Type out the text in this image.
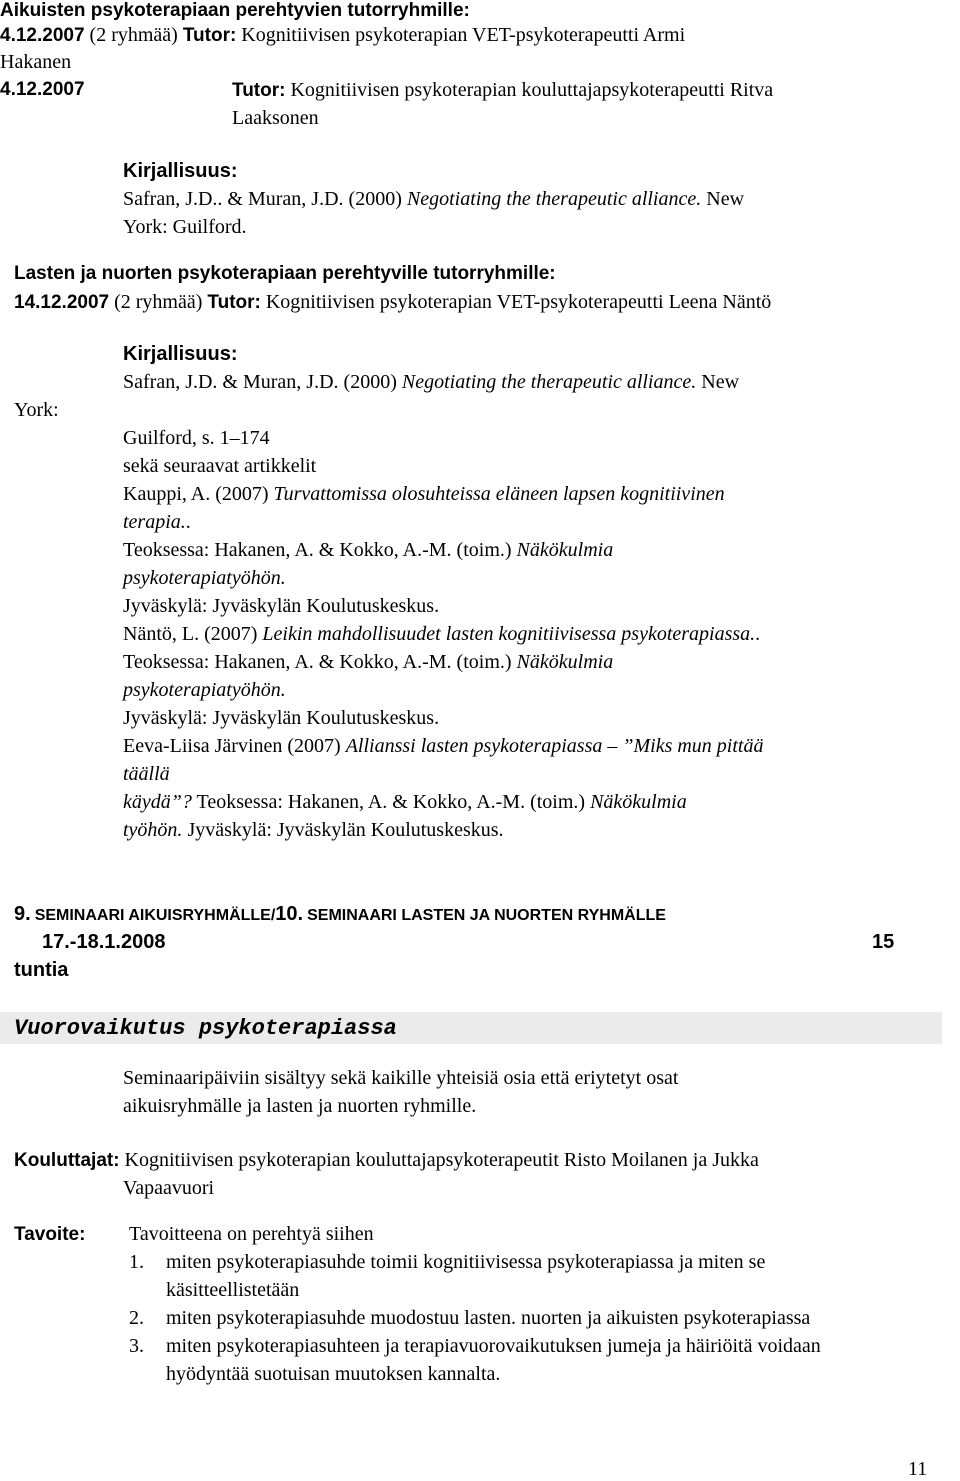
Aikuisten psykoterapiaan perehtyvien tutorryhmille:
4.12.2007 (2 ryhmää) Tutor: Kognitiivisen psykoterapian VET-psykoterapeutti Armi
Hakanen
4.12.2007	Tutor: Kognitiivisen psykoterapian kouluttajapsykoterapeutti Ritva
Laaksonen
Kirjallisuus:
Safran, J.D.. & Muran, J.D. (2000) Negotiating the therapeutic alliance. New
York: Guilford.
Lasten ja nuorten psykoterapiaan perehtyville tutorryhmille:
14.12.2007 (2 ryhmää) Tutor: Kognitiivisen psykoterapian VET-psykoterapeutti Leena Näntö
Kirjallisuus:
Safran, J.D. & Muran, J.D. (2000) Negotiating the therapeutic alliance. New
York:
Guilford, s. 1–174
sekä seuraavat artikkelit
Kauppi, A. (2007) Turvattomissa olosuhteissa eläneen lapsen kognitiivinen
terapia..
Teoksessa: Hakanen, A. & Kokko, A.-M. (toim.) Näkökulmia
psykoterapiatyöhön.
Jyväskylä: Jyväskylän Koulutuskeskus.
Näntö, L. (2007) Leikin mahdollisuudet lasten kognitiivisessa psykoterapiassa..
Teoksessa: Hakanen, A. & Kokko, A.-M. (toim.) Näkökulmia
psykoterapiatyöhön.
Jyväskylä: Jyväskylän Koulutuskeskus.
Eeva-Liisa Järvinen (2007) Allianssi lasten psykoterapiassa – ”Miks mun pittää
täällä
käydä”? Teoksessa: Hakanen, A. & Kokko, A.-M. (toim.) Näkökulmia
työhön. Jyväskylä: Jyväskylän Koulutuskeskus.
9. SEMINAARI AIKUISRYHMÄLLE/10. SEMINAARI LASTEN JA NUORTEN RYHMÄLLE
17.-18.1.2008	15
tuntia
Vuorovaikutus psykoterapiassa
Seminaaripäiviin sisältyy sekä kaikille yhteisiä osia että eriytetyt osat
aikuisryhmälle ja lasten ja nuorten ryhmille.
Kouluttajat: Kognitiivisen psykoterapian kouluttajapsykoterapeutit Risto Moilanen ja Jukka
Vapaavuori
Tavoite: Tavoitteena on perehtyä siihen
1. miten psykoterapiasuhde toimii kognitiivisessa psykoterapiassa ja miten se
käsitteellistetään
2. miten psykoterapiasuhde muodostuu lasten. nuorten ja aikuisten psykoterapiassa
3. miten psykoterapiasuhteen ja terapiavuorovaikutuksen jumeja ja häiriöitä voidaan
hyödyntää suotuisan muutoksen kannalta.
11
